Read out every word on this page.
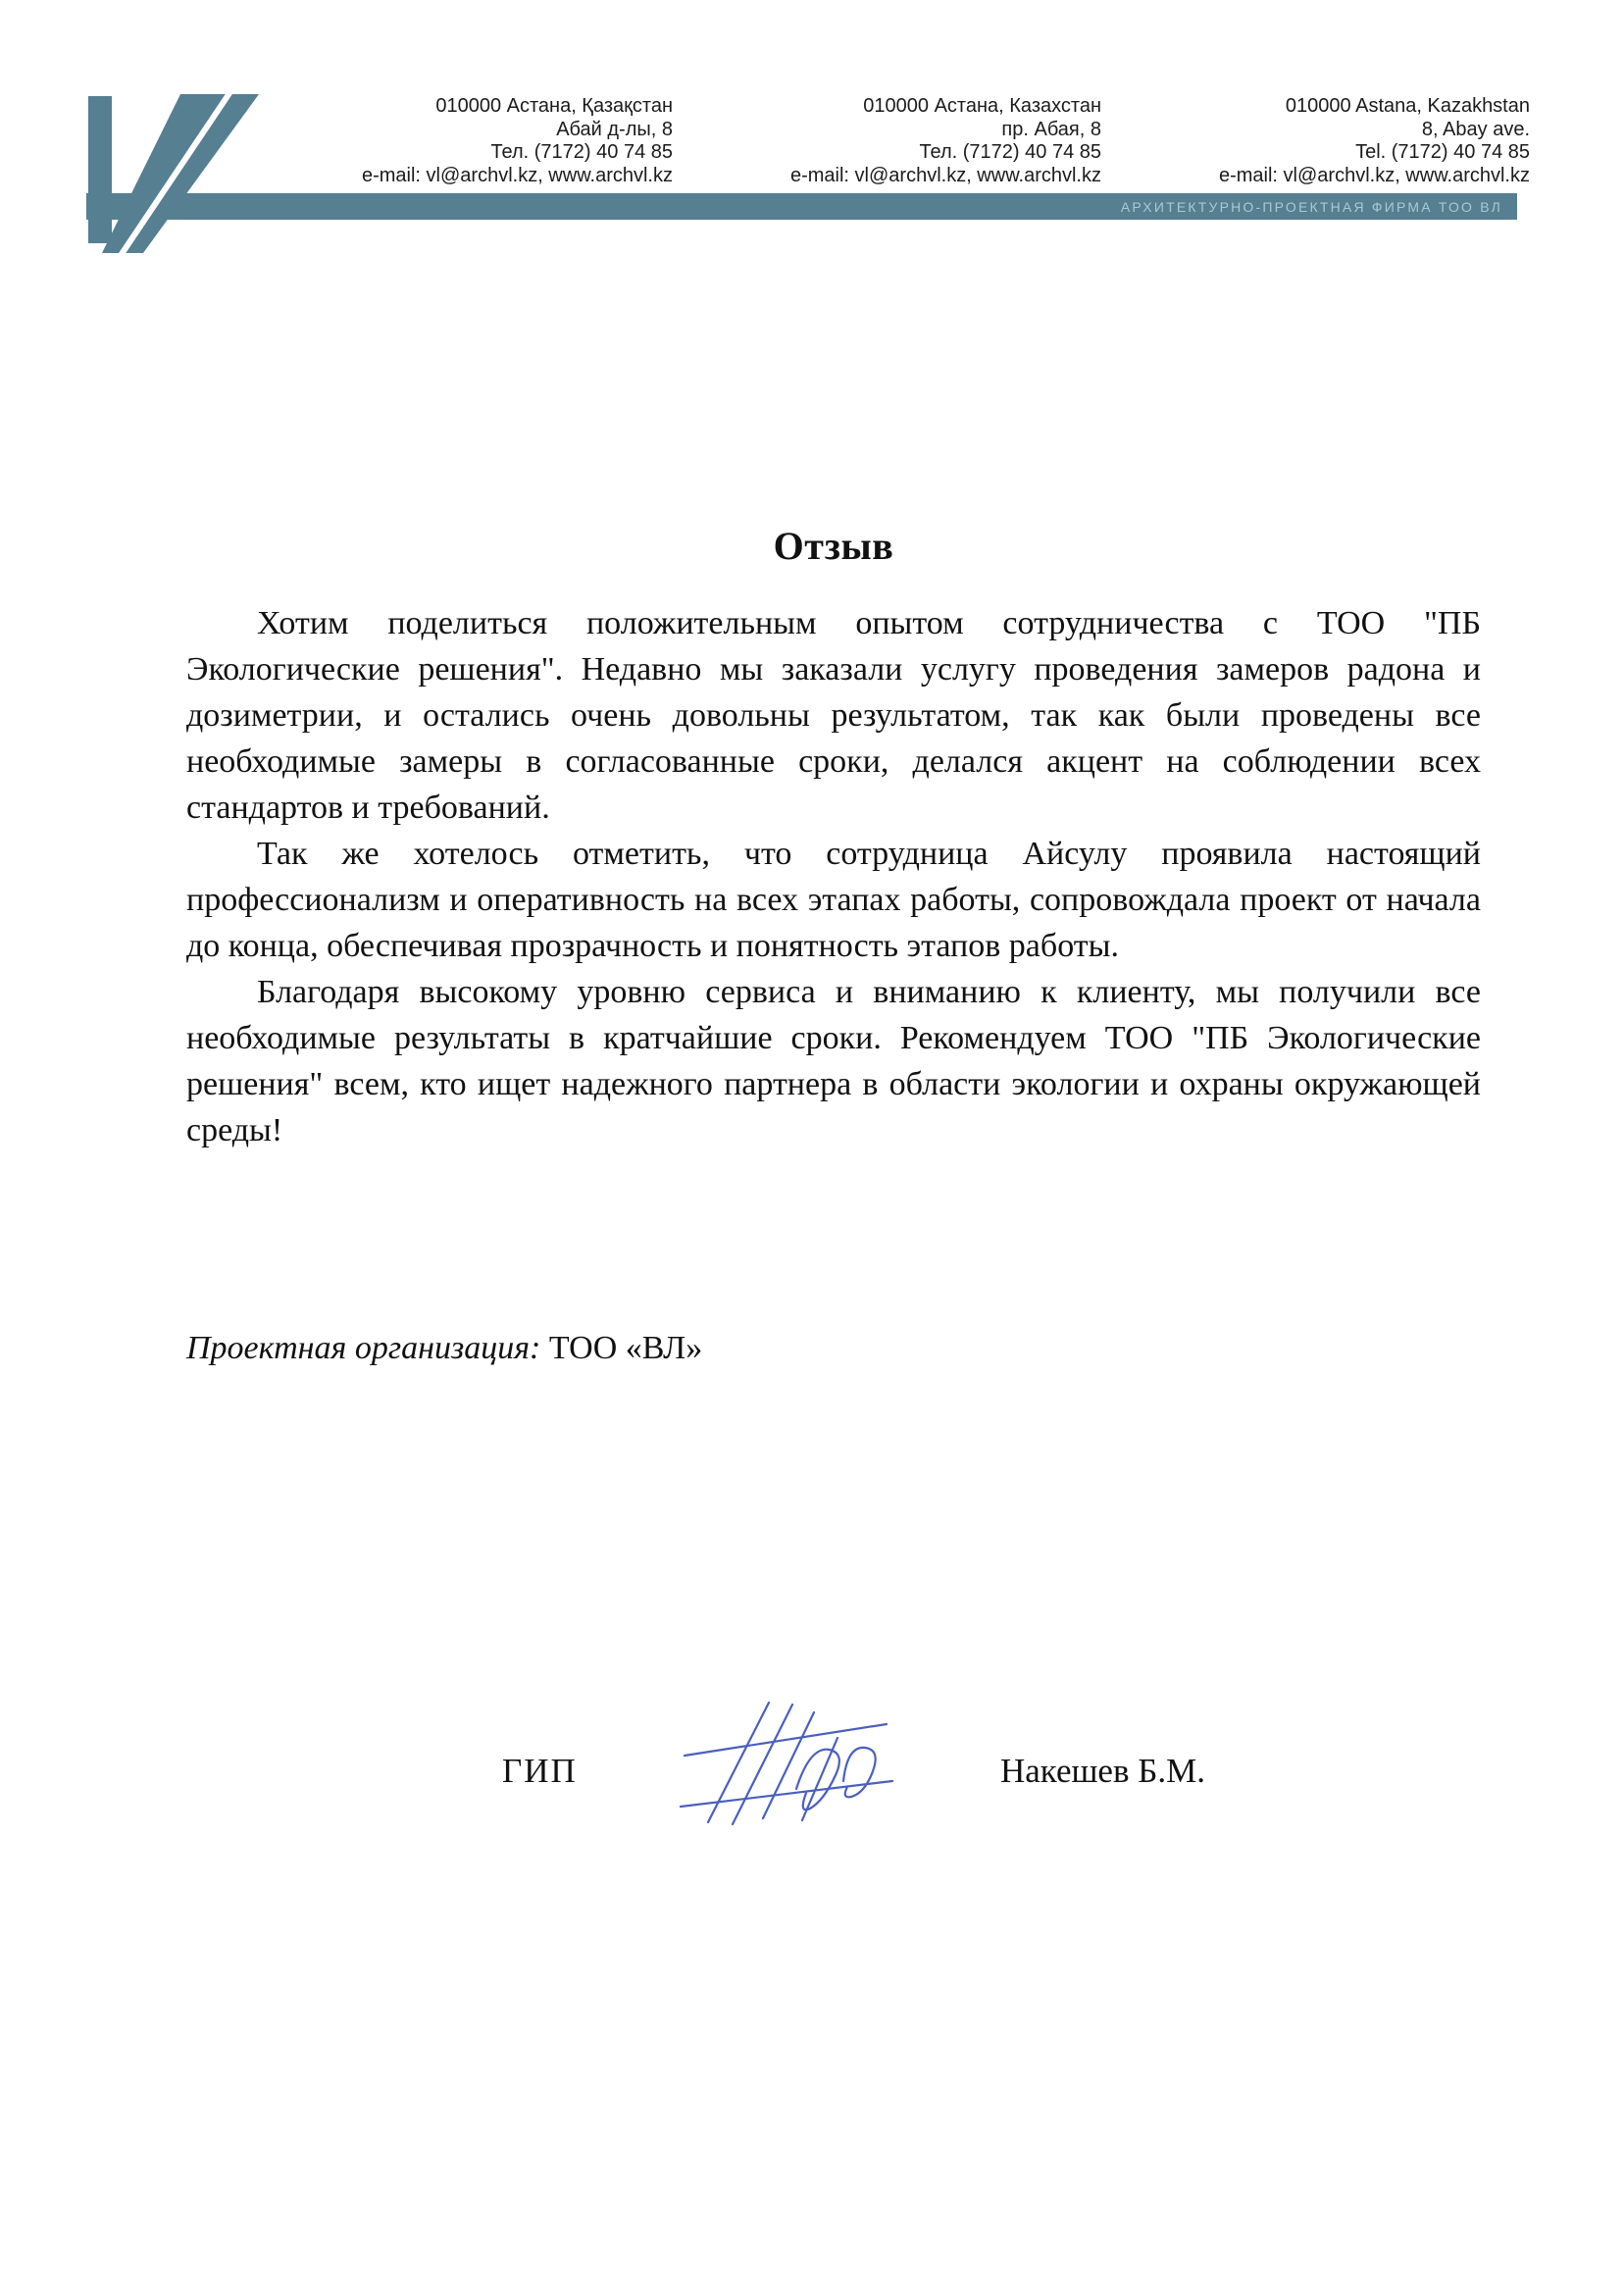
АРХИТЕКТУРНО-ПРОЕКТНАЯ ФИРМА ТОО ВЛ
010000 Астана, Қазақстан
Абай д-лы, 8
Тел. (7172) 40 74 85
e-mail: vl@archvl.kz, www.archvl.kz
010000 Астана, Казахстан
пр. Абая, 8
Тел. (7172) 40 74 85
e-mail: vl@archvl.kz, www.archvl.kz
010000 Astana, Kazakhstan
8, Abay ave.
Tel. (7172) 40 74 85
e-mail: vl@archvl.kz, www.archvl.kz
Отзыв

Хотим поделиться положительным опытом сотрудничества с ТОО "ПБ Экологические решения". Недавно мы заказали услугу проведения замеров радона и дозиметрии, и остались очень довольны результатом, так как были проведены все необходимые замеры в согласованные сроки, делался акцент на соблюдении всех стандартов и требований.

Так же хотелось отметить, что сотрудница Айсулу проявила настоящий профессионализм и оперативность на всех этапах работы, сопровождала проект от начала до конца, обеспечивая прозрачность и понятность этапов работы.

Благодаря высокому уровню сервиса и вниманию к клиенту, мы получили все необходимые результаты в кратчайшие сроки. Рекомендуем ТОО "ПБ Экологические решения" всем, кто ищет надежного партнера в области экологии и охраны окружающей среды!

Проектная организация: ТОО «ВЛ»
ГИП	Накешев Б.М.
